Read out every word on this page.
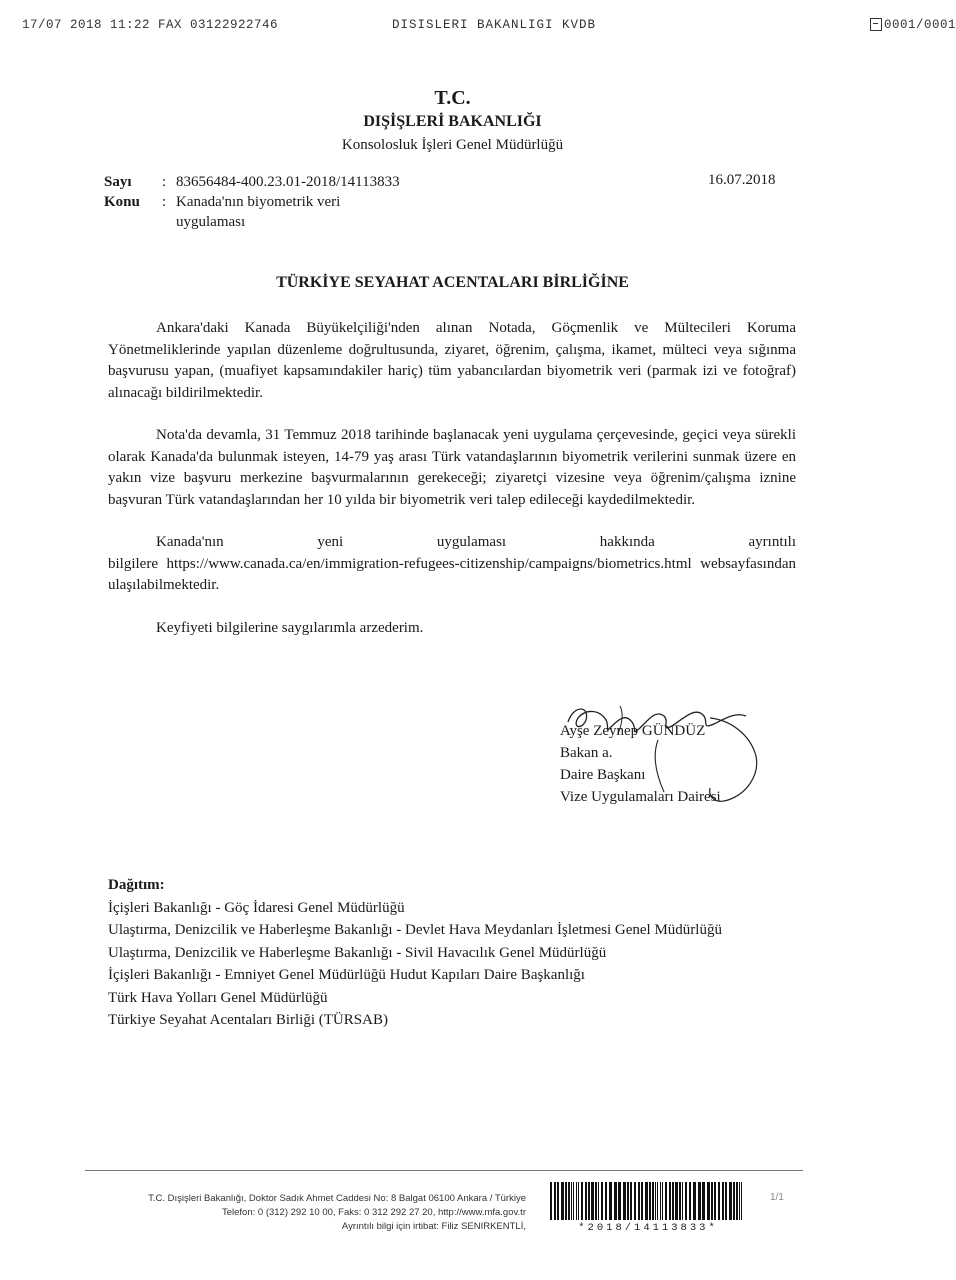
17/07 2018 11:22 FAX 03122922746	DISISLERI BAKANLIGI KVDB	0001/0001
T.C.
DIŞİŞLERİ BAKANLIĞI
Konsolosluk İşleri Genel Müdürlüğü
Sayı	: 83656484-400.23.01-2018/14113833
Konu	: Kanada'nın biyometrik veri uygulaması
16.07.2018
TÜRKİYE SEYAHAT ACENTALARI BİRLİĞİNE

Ankara'daki Kanada Büyükelçiliği'nden alınan Notada, Göçmenlik ve Mültecileri Koruma Yönetmeliklerinde yapılan düzenleme doğrultusunda, ziyaret, öğrenim, çalışma, ikamet, mülteci veya sığınma başvurusu yapan, (muafiyet kapsamındakiler hariç) tüm yabancılardan biyometrik veri (parmak izi ve fotoğraf) alınacağı bildirilmektedir.

Nota'da devamla, 31 Temmuz 2018 tarihinde başlanacak yeni uygulama çerçevesinde, geçici veya sürekli olarak Kanada'da bulunmak isteyen, 14-79 yaş arası Türk vatandaşlarının biyometrik verilerini sunmak üzere en yakın vize başvuru merkezine başvurmalarının gerekeceği; ziyaretçi vizesine veya öğrenim/çalışma iznine başvuran Türk vatandaşlarından her 10 yılda bir biyometrik veri talep edileceği kaydedilmektedir.

Kanada'nın yeni uygulaması hakkında ayrıntılı bilgilere https://www.canada.ca/en/immigration-refugees-citizenship/campaigns/biometrics.html websayfasından ulaşılabilmektedir.

Keyfiyeti bilgilerine saygılarımla arzederim.

Ayşe Zeynep GÜNDÜZ
Bakan a.
Daire Başkanı
Vize Uygulamaları Dairesi
Dağıtım:
İçişleri Bakanlığı - Göç İdaresi Genel Müdürlüğü
Ulaştırma, Denizcilik ve Haberleşme Bakanlığı - Devlet Hava Meydanları İşletmesi Genel Müdürlüğü
Ulaştırma, Denizcilik ve Haberleşme Bakanlığı - Sivil Havacılık Genel Müdürlüğü
İçişleri Bakanlığı - Emniyet Genel Müdürlüğü Hudut Kapıları Daire Başkanlığı
Türk Hava Yolları Genel Müdürlüğü
Türkiye Seyahat Acentaları Birliği (TÜRSAB)
T.C. Dışişleri Bakanlığı, Doktor Sadık Ahmet Caddesi No: 8 Balgat 06100 Ankara / Türkiye
Telefon: 0 (312) 292 10 00, Faks: 0 312 292 27 20, http://www.mfa.gov.tr
Ayrıntılı bilgi için irtibat: Filiz SENIRKENTLİ,	*2018/14113833*
1/1
